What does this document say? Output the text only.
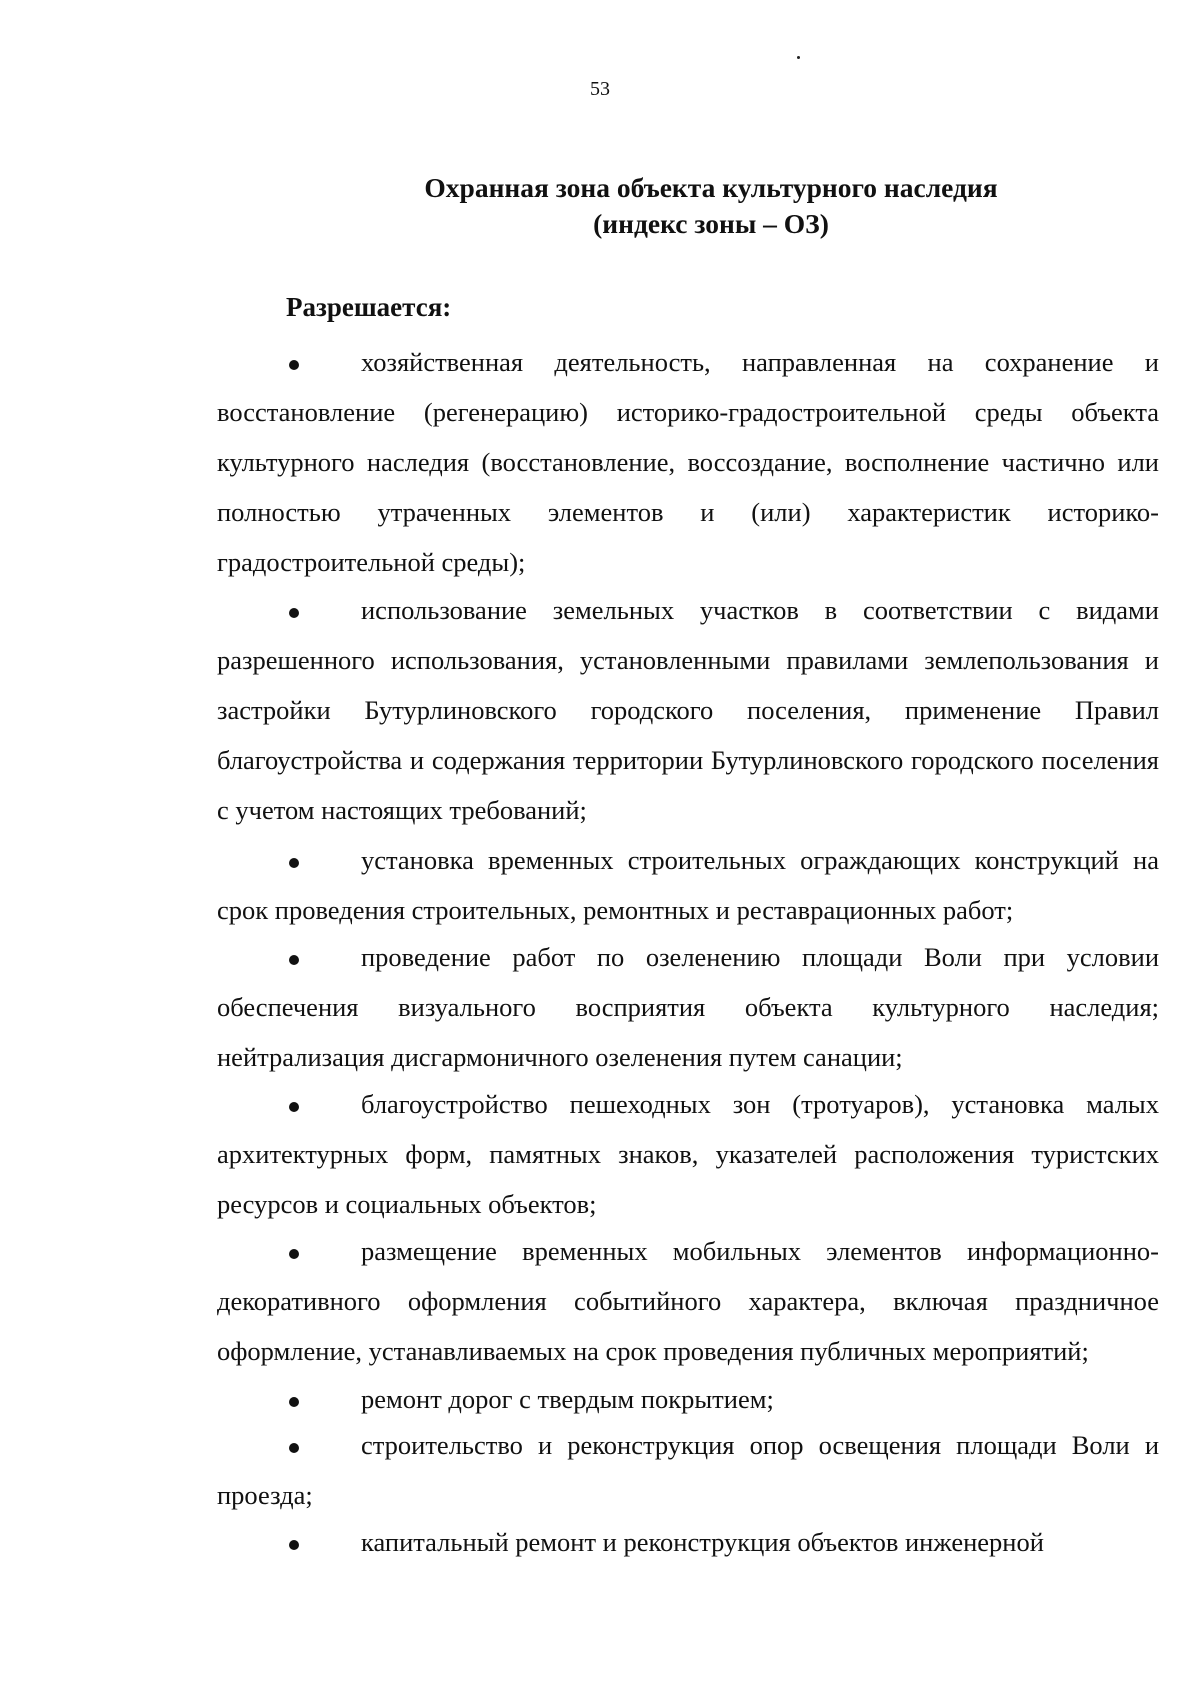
53
Охранная зона объекта культурного наследия
(индекс зоны – ОЗ)
Разрешается:

хозяйственная деятельность, направленная на сохранение и восстановление (регенерацию) историко-градостроительной среды объекта культурного наследия (восстановление, воссоздание, восполнение частично или полностью утраченных элементов и (или) характеристик историко-градостроительной среды);

использование земельных участков в соответствии с видами разрешенного использования, установленными правилами землепользования и застройки Бутурлиновского городского поселения, применение Правил благоустройства и содержания территории Бутурлиновского городского поселения с учетом настоящих требований;

установка временных строительных ограждающих конструкций на срок проведения строительных, ремонтных и реставрационных работ;

проведение работ по озеленению площади Воли при условии обеспечения визуального восприятия объекта культурного наследия; нейтрализация дисгармоничного озеленения путем санации;

благоустройство пешеходных зон (тротуаров), установка малых архитектурных форм, памятных знаков, указателей расположения туристских ресурсов и социальных объектов;

размещение временных мобильных элементов информационно-декоративного оформления событийного характера, включая праздничное оформление, устанавливаемых на срок проведения публичных мероприятий;

ремонт дорог с твердым покрытием;

строительство и реконструкция опор освещения площади Воли и проезда;

капитальный ремонт и реконструкция объектов инженерной
